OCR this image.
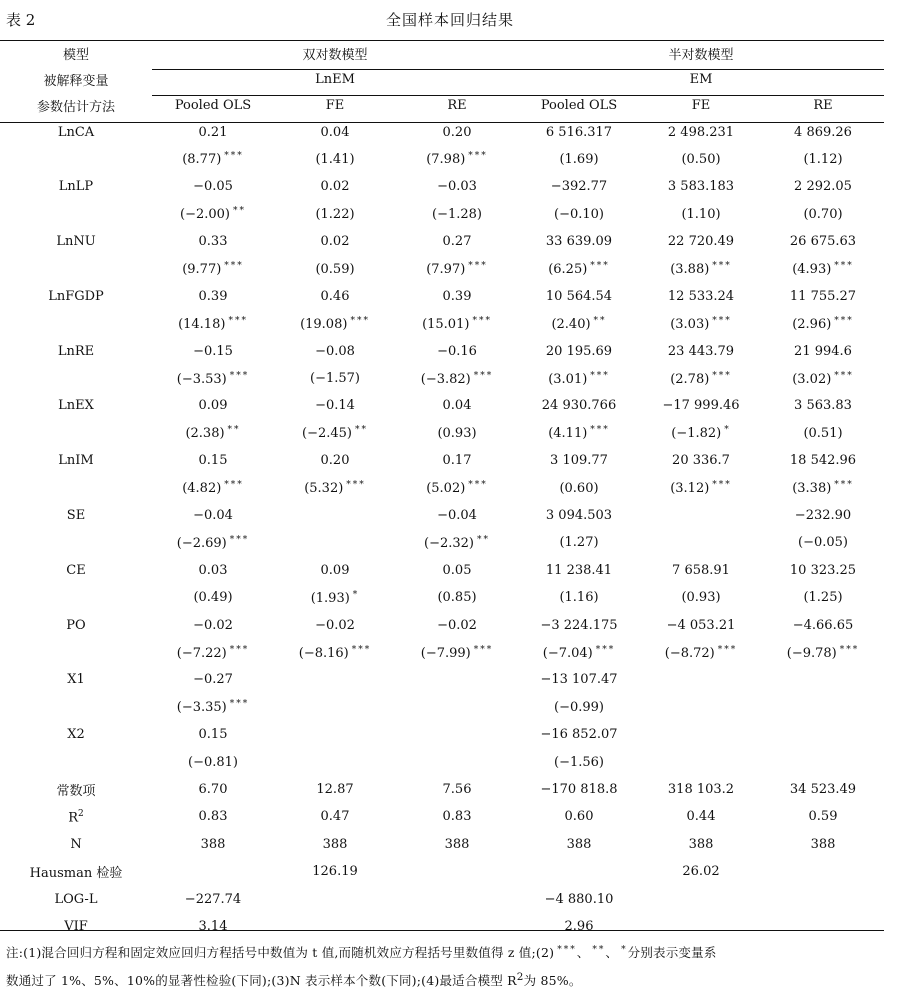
表 2	全国样本回归结果
模型	双对数模型			半对数模型		
被解释变量	LnEM			EM		
参数估计方法	Pooled OLS	FE	RE	Pooled OLS	FE	RE
LnCA	0.21	0.04	0.20	6 516.317	2 498.231	4 869.26
	(8.77) ***	(1.41)	(7.98) ***	(1.69)	(0.50)	(1.12)
LnLP	−0.05	0.02	−0.03	−392.77	3 583.183	2 292.05
	(−2.00) **	(1.22)	(−1.28)	(−0.10)	(1.10)	(0.70)
LnNU	0.33	0.02	0.27	33 639.09	22 720.49	26 675.63
	(9.77) ***	(0.59)	(7.97) ***	(6.25) ***	(3.88) ***	(4.93) ***
LnFGDP	0.39	0.46	0.39	10 564.54	12 533.24	11 755.27
	(14.18) ***	(19.08) ***	(15.01) ***	(2.40) **	(3.03) ***	(2.96) ***
LnRE	−0.15	−0.08	−0.16	20 195.69	23 443.79	21 994.6
	(−3.53) ***	(−1.57)	(−3.82) ***	(3.01) ***	(2.78) ***	(3.02) ***
LnEX	0.09	−0.14	0.04	24 930.766	−17 999.46	3 563.83
	(2.38) **	(−2.45) **	(0.93)	(4.11) ***	(−1.82) *	(0.51)
LnIM	0.15	0.20	0.17	3 109.77	20 336.7	18 542.96
	(4.82) ***	(5.32) ***	(5.02) ***	(0.60)	(3.12) ***	(3.38) ***
SE	−0.04		−0.04	3 094.503		−232.90
	(−2.69) ***		(−2.32) **	(1.27)		(−0.05)
CE	0.03	0.09	0.05	11 238.41	7 658.91	10 323.25
	(0.49)	(1.93) *	(0.85)	(1.16)	(0.93)	(1.25)
PO	−0.02	−0.02	−0.02	−3 224.175	−4 053.21	−4.66.65
	(−7.22) ***	(−8.16) ***	(−7.99) ***	(−7.04) ***	(−8.72) ***	(−9.78) ***
X1	−0.27			−13 107.47		
	(−3.35) ***			(−0.99)		
X2	0.15			−16 852.07		
	(−0.81)			(−1.56)		
常数项	6.70	12.87	7.56	−170 818.8	318 103.2	34 523.49
$R^2$	0.83	0.47	0.83	0.60	0.44	0.59
N	388	388	388	388	388	388
Hausman 检验		126.19			26.02	
LOG-L	−227.74			−4 880.10		
VIF	3.14			2.96		

注:(1)混合回归方程和固定效应回归方程括号中数值为 t 值,而随机效应方程括号里数值得 z 值;(2) ***、 **、 *分别表示变量系

数通过了 1%、5%、10%的显著性检验(下同);(3)N 表示样本个数(下同);(4)最适合模型 $R^2$为 85%。
